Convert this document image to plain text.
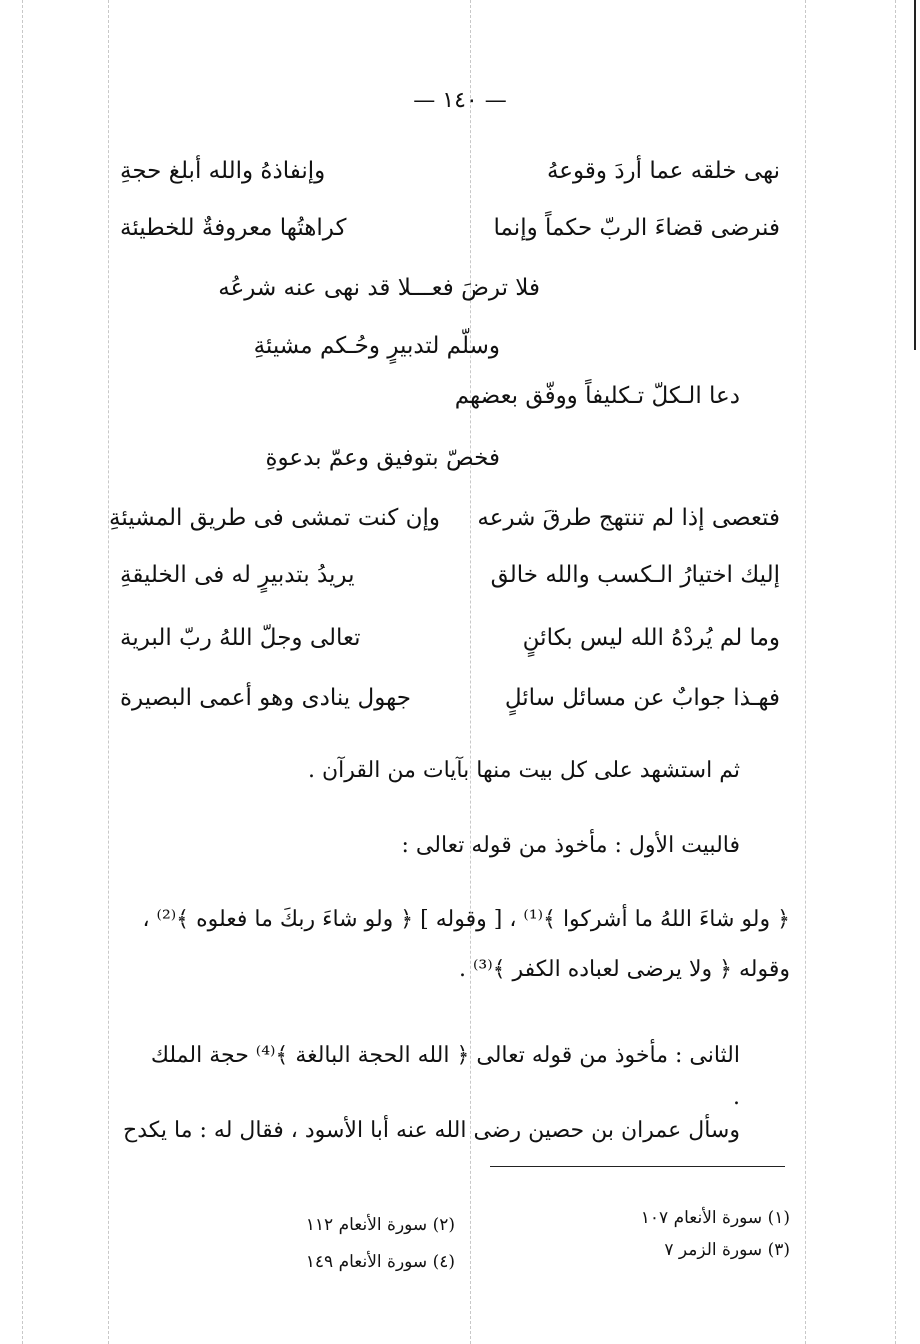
— ١٤٠ —
نهى خلقه عما أردَ وقوعهُ
وإنفاذهُ والله أبلغ حجةِ
فنرضى قضاءَ الربّ حكماً وإنما
كراهتُها معروفةٌ للخطيئة
فلا ترضَ فعـــلا قد نهى عنه شرعُه
وسلّم لتدبيرٍ وحُـكم مشيئةِ
دعا الـكلّ تـكليفاً ووفّق بعضهم
فخصّ بتوفيق وعمّ بدعوةِ
فتعصى إذا لم تنتهج طرقَ شرعه
وإن كنت تمشى فى طريق المشيئةِ
إليك اختيارُ الـكسب والله خالق
يريدُ بتدبيرٍ له فى الخليقةِ
وما لم يُردْهُ الله ليس بكائنٍ
تعالى وجلّ اللهُ ربّ البرية
فهـذا جوابٌ عن مسائل سائلٍ
جهول ينادى وهو أعمى البصيرة
ثم استشهد على كل بيت منها بآيات من القرآن .
فالبيت الأول : مأخوذ من قوله تعالى :
﴿ ولو شاءَ اللهُ ما أشركوا ﴾⁽¹⁾ ، [ وقوله ] ﴿ ولو شاءَ ربكَ ما فعلوه ﴾⁽²⁾ ، وقوله ﴿ ولا يرضى لعباده الكفر ﴾⁽³⁾ .
الثانى : مأخوذ من قوله تعالى ﴿ الله الحجة البالغة ﴾⁽⁴⁾ حجة الملك .
وسأل عمران بن حصين رضى الله عنه أبا الأسود ، فقال له : ما يكدح
(١) سورة الأنعام ١٠٧
(٢) سورة الأنعام ١١٢
(٣) سورة الزمر ٧
(٤) سورة الأنعام ١٤٩
